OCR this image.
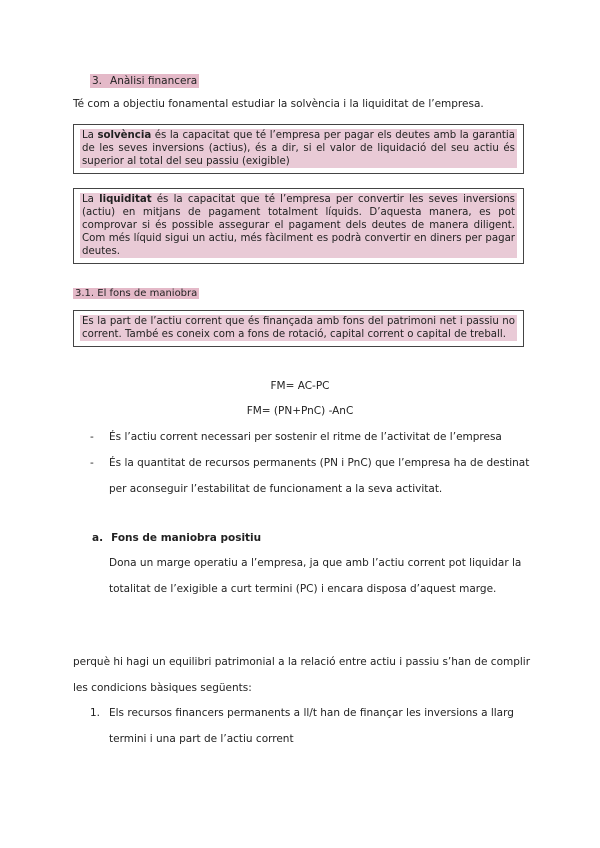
3. Anàlisi financera
Té com a objectiu fonamental estudiar la solvència i la liquiditat de l’empresa.
La solvència és la capacitat que té l’empresa per pagar els deutes amb la garantia de les seves inversions (actius), és a dir, si el valor de liquidació del seu actiu és superior al total del seu passiu (exigible)
La liquiditat és la capacitat que té l’empresa per convertir les seves inversions (actiu) en mitjans de pagament totalment líquids. D’aquesta manera, es pot comprovar si és possible assegurar el pagament dels deutes de manera diligent. Com més líquid sigui un actiu, més fàcilment es podrà convertir en diners per pagar deutes.
3.1. El fons de maniobra
Es la part de l’actiu corrent que és finançada amb fons del patrimoni net i passiu no corrent. També es coneix com a fons de rotació, capital corrent o capital de treball.
FM= AC-PC
FM= (PN+PnC) -AnC
-	És l’actiu corrent necessari per sostenir el ritme de l’activitat de l’empresa
-	És la quantitat de recursos permanents (PN i PnC) que l’empresa ha de destinat per aconseguir l’estabilitat de funcionament a la seva activitat.
a. Fons de maniobra positiu
Dona un marge operatiu a l’empresa, ja que amb l’actiu corrent pot liquidar la totalitat de l’exigible a curt termini (PC) i encara disposa d’aquest marge.
perquè hi hagi un equilibri patrimonial a la relació entre actiu i passiu s’han de complir les condicions bàsiques següents:
1. Els recursos financers permanents a ll/t han de finançar les inversions a llarg termini i una part de l’actiu corrent
